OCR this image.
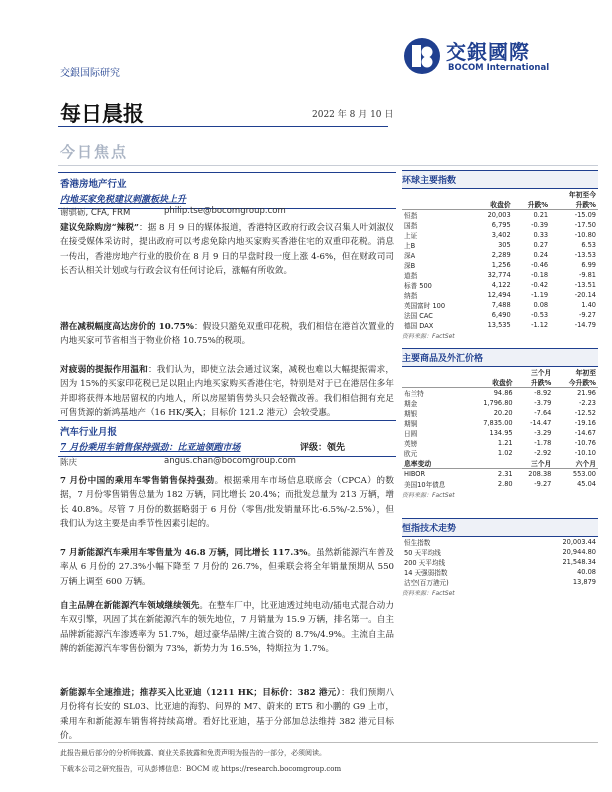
交銀国际研究
交銀國際
BOCOM International
每日晨报	2022 年 8 月 10 日
今日焦点
香港房地产行业
内地买家免税建议刺激板块上升
谢骐砺, CFA, FRM	philip.tse@bocomgroup.com
建议免除购房“辣税”：据 8 月 9 日的媒体报道，香港特区政府行政会议召集人叶刘淑仪在接受媒体采访时，提出政府可以考虑免除内地买家购买香港住宅的双重印花税。消息一传出，香港房地产行业的股价在 8 月 9 日的早盘时段一度上涨 4-6%，但在财政司司长否认相关计划或与行政会议有任何讨论后，涨幅有所收敛。
潜在减税幅度高达房价的 10.75%：假设只豁免双重印花税，我们相信在港首次置业的内地买家可节省相当于物业价格 10.75%的税项。
对疲弱的提振作用温和：我们认为，即使立法会通过议案，减税也难以大幅提振需求，因为 15%的买家印花税已足以阻止内地买家购买香港住宅，特别是对于已在港居住多年并即将获得本地居留权的内地人，所以房屋销售势头只会轻微改善。我们相信拥有充足可售货源的新鸿基地产（16 HK/买入；目标价 121.2 港元）会较受惠。
汽车行业月报
7 月份乘用车销售保持强劲：比亚迪领跑市场	评级：领先
陈庆	angus.chan@bocomgroup.com
7 月份中国的乘用车零售销售保持强劲。根据乘用车市场信息联席会（CPCA）的数据，7 月份零售销售总量为 182 万辆，同比增长 20.4%；而批发总量为 213 万辆，增长 40.8%。尽管 7 月份的数据略弱于 6 月份（零售/批发销量环比-6.5%/-2.5%），但我们认为这主要是由季节性因素引起的。
7 月新能源汽车乘用车零售量为 46.8 万辆，同比增长 117.3%。虽然新能源汽车普及率从 6 月份的 27.3%小幅下降至 7 月份的 26.7%，但乘联会将全年销量预期从 550 万辆上调至 600 万辆。
自主品牌在新能源汽车领域继续领先。在整车厂中，比亚迪透过纯电动/插电式混合动力车双引擎，巩固了其在新能源汽车的领先地位，7 月销量为 15.9 万辆，排名第一。自主品牌新能源汽车渗透率为 51.7%，超过豪华品牌/主流合资的 8.7%/4.9%。主流自主品牌的新能源汽车零售份额为 73%，新势力为 16.5%，特斯拉为 1.7%。
新能源车全速推进；推荐买入比亚迪（1211 HK；目标价：382 港元）：我们预期八月份将有长安的 SL03、比亚迪的海豹、问界的 M7、蔚来的 ET5 和小鹏的 G9 上市，乘用车和新能源车销售将持续高增。看好比亚迪，基于分部加总法维持 382 港元目标价。
环球主要指数
			年初至今
	收盘价	升跌%	升跌%
恒指	20,003	0.21	-15.09
国指	6,795	-0.39	-17.50
上证	3,402	0.33	-10.80
上B	305	0.27	6.53
深A	2,289	0.24	-13.53
深B	1,256	-0.46	6.99
道指	32,774	-0.18	-9.81
标普 500	4,122	-0.42	-13.51
纳指	12,494	-1.19	-20.14
英国富时 100	7,488	0.08	1.40
法国 CAC	6,490	-0.53	-9.27
德国 DAX	13,535	-1.12	-14.79
资料来源：FactSet
主要商品及外汇价格
		三个月	年初至
	收盘价	升跌%	今升跌%
布兰特	94.86	-8.92	21.96
期金	1,796.80	-3.79	-2.23
期银	20.20	-7.64	-12.52
期铜	7,835.00	-14.47	-19.16
日圆	134.95	-3.29	-14.67
英镑	1.21	-1.78	-10.76
欧元	1.02	-2.92	-10.10
息率变动		三个月	六个月
HIBOR	2.31	208.38	553.00
美国10年债息	2.80	-9.27	45.04
资料来源：FactSet
恒指技术走势
恒生指数	20,003.44
50 天平均线	20,944.80
200 天平均线	21,548.34
14 天强弱指数	40.08
沽空(百万港元)	13,879
资料来源：FactSet
此报告最后部分的分析师披露、商业关系披露和免责声明为报告的一部分，必须阅读。
下载本公司之研究报告，可从彭博信息：BOCM 或 https://research.bocomgroup.com
